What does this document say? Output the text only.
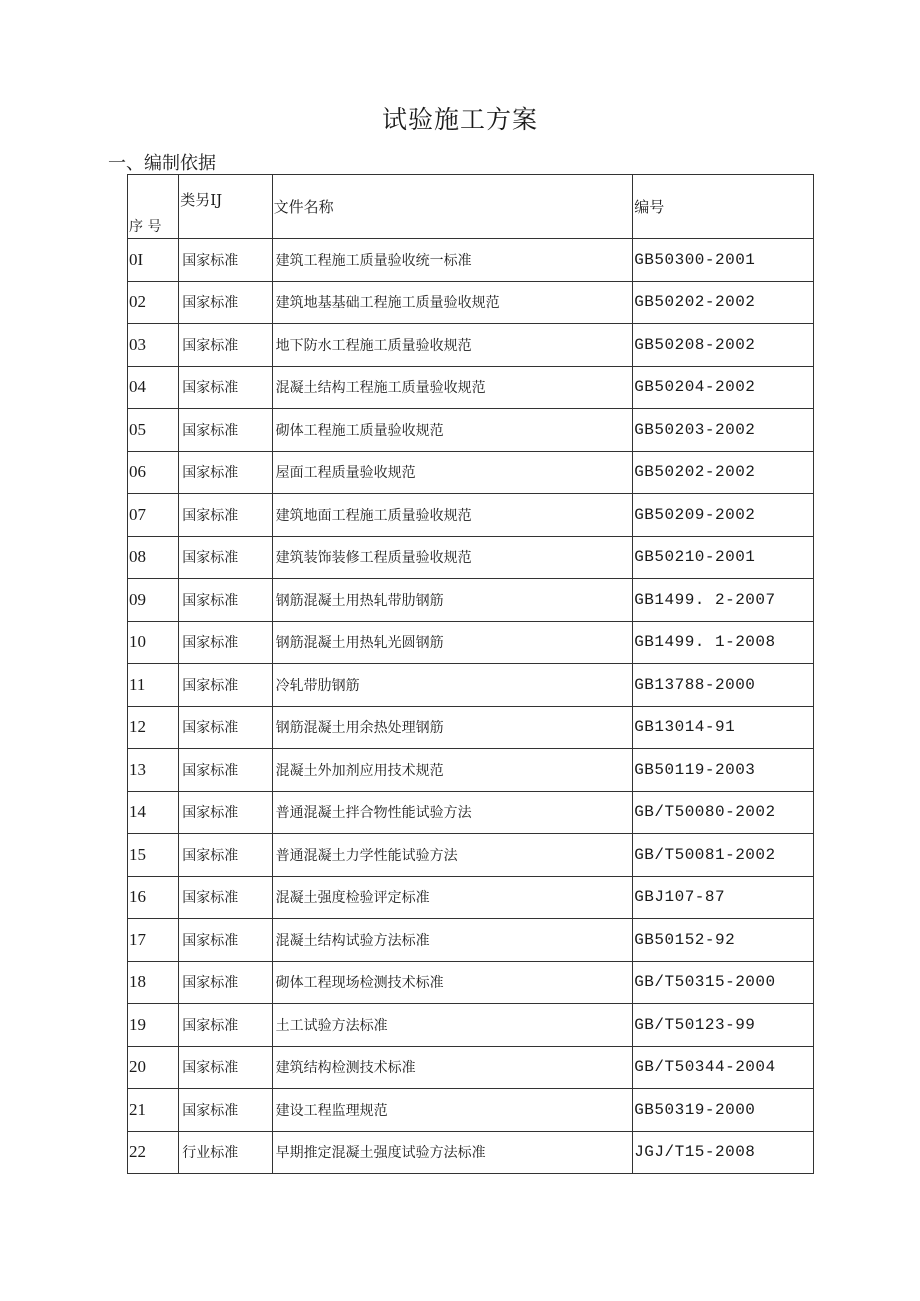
试验施工方案
一、编制依据
序 号	类另IJ	文件名称	编号
0I	国家标准	建筑工程施工质量验收统一标准	GB50300-2001
02	国家标准	建筑地基基础工程施工质量验收规范	GB50202-2002
03	国家标准	地下防水工程施工质量验收规范	GB50208-2002
04	国家标准	混凝土结构工程施工质量验收规范	GB50204-2002
05	国家标准	砌体工程施工质量验收规范	GB50203-2002
06	国家标准	屋面工程质量验收规范	GB50202-2002
07	国家标准	建筑地面工程施工质量验收规范	GB50209-2002
08	国家标准	建筑装饰装修工程质量验收规范	GB50210-2001
09	国家标准	钢筋混凝土用热轧带肋钢筋	GB1499. 2-2007
10	国家标准	钢筋混凝土用热轧光圆钢筋	GB1499. 1-2008
11	国家标准	冷轧带肋钢筋	GB13788-2000
12	国家标准	钢筋混凝土用余热处理钢筋	GB13014-91
13	国家标准	混凝土外加剂应用技术规范	GB50119-2003
14	国家标准	普通混凝土拌合物性能试验方法	GB/T50080-2002
15	国家标准	普通混凝土力学性能试验方法	GB/T50081-2002
16	国家标准	混凝土强度检验评定标准	GBJ107-87
17	国家标准	混凝土结构试验方法标准	GB50152-92
18	国家标准	砌体工程现场检测技术标准	GB/T50315-2000
19	国家标准	土工试验方法标准	GB/T50123-99
20	国家标准	建筑结构检测技术标准	GB/T50344-2004
21	国家标准	建设工程监理规范	GB50319-2000
22	行业标准	早期推定混凝土强度试验方法标准	JGJ/T15-2008
